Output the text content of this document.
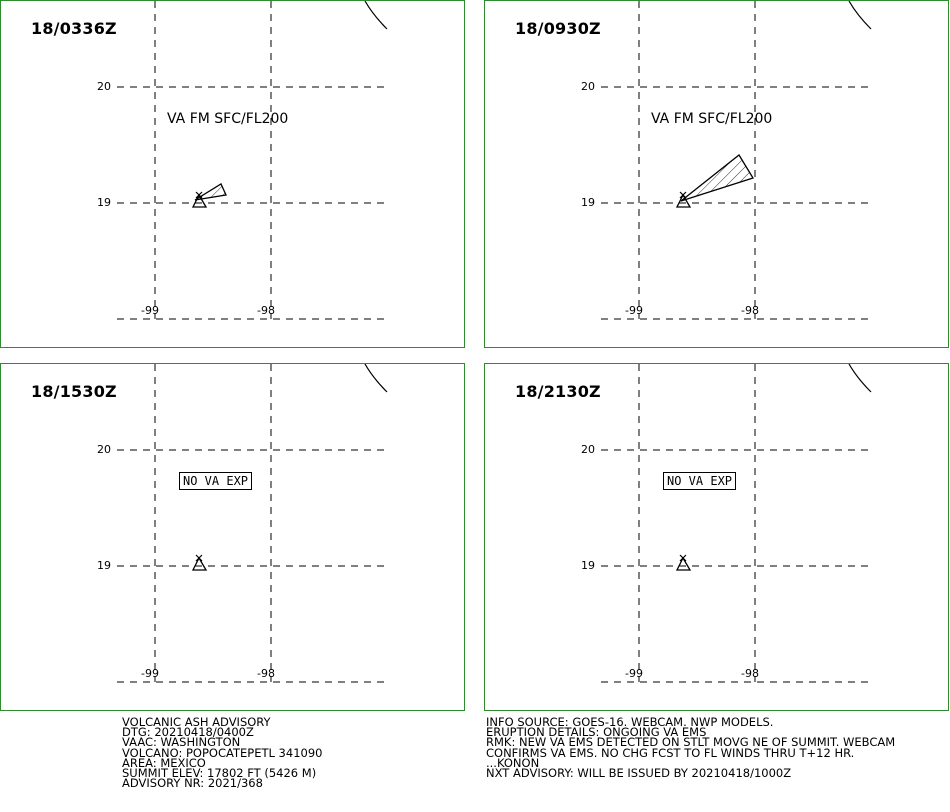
18/0336Z
20
19
-99	-98
VA FM SFC/FL200
18/0930Z
20
19
-99	-98
VA FM SFC/FL200
18/1530Z
20
19
-99	-98
NO VA EXP
18/2130Z
20
19
-99	-98
NO VA EXP
VOLCANIC ASH ADVISORY
DTG: 20210418/0400Z
VAAC: WASHINGTON
VOLCANO: POPOCATEPETL 341090
AREA: MEXICO
SUMMIT ELEV: 17802 FT (5426 M)
ADVISORY NR: 2021/368
INFO SOURCE: GOES-16. WEBCAM. NWP MODELS.
ERUPTION DETAILS: ONGOING VA EMS
RMK: NEW VA EMS DETECTED ON STLT MOVG NE OF SUMMIT. WEBCAM
CONFIRMS VA EMS. NO CHG FCST TO FL WINDS THRU T+12 HR.
...KONON
NXT ADVISORY: WILL BE ISSUED BY 20210418/1000Z
